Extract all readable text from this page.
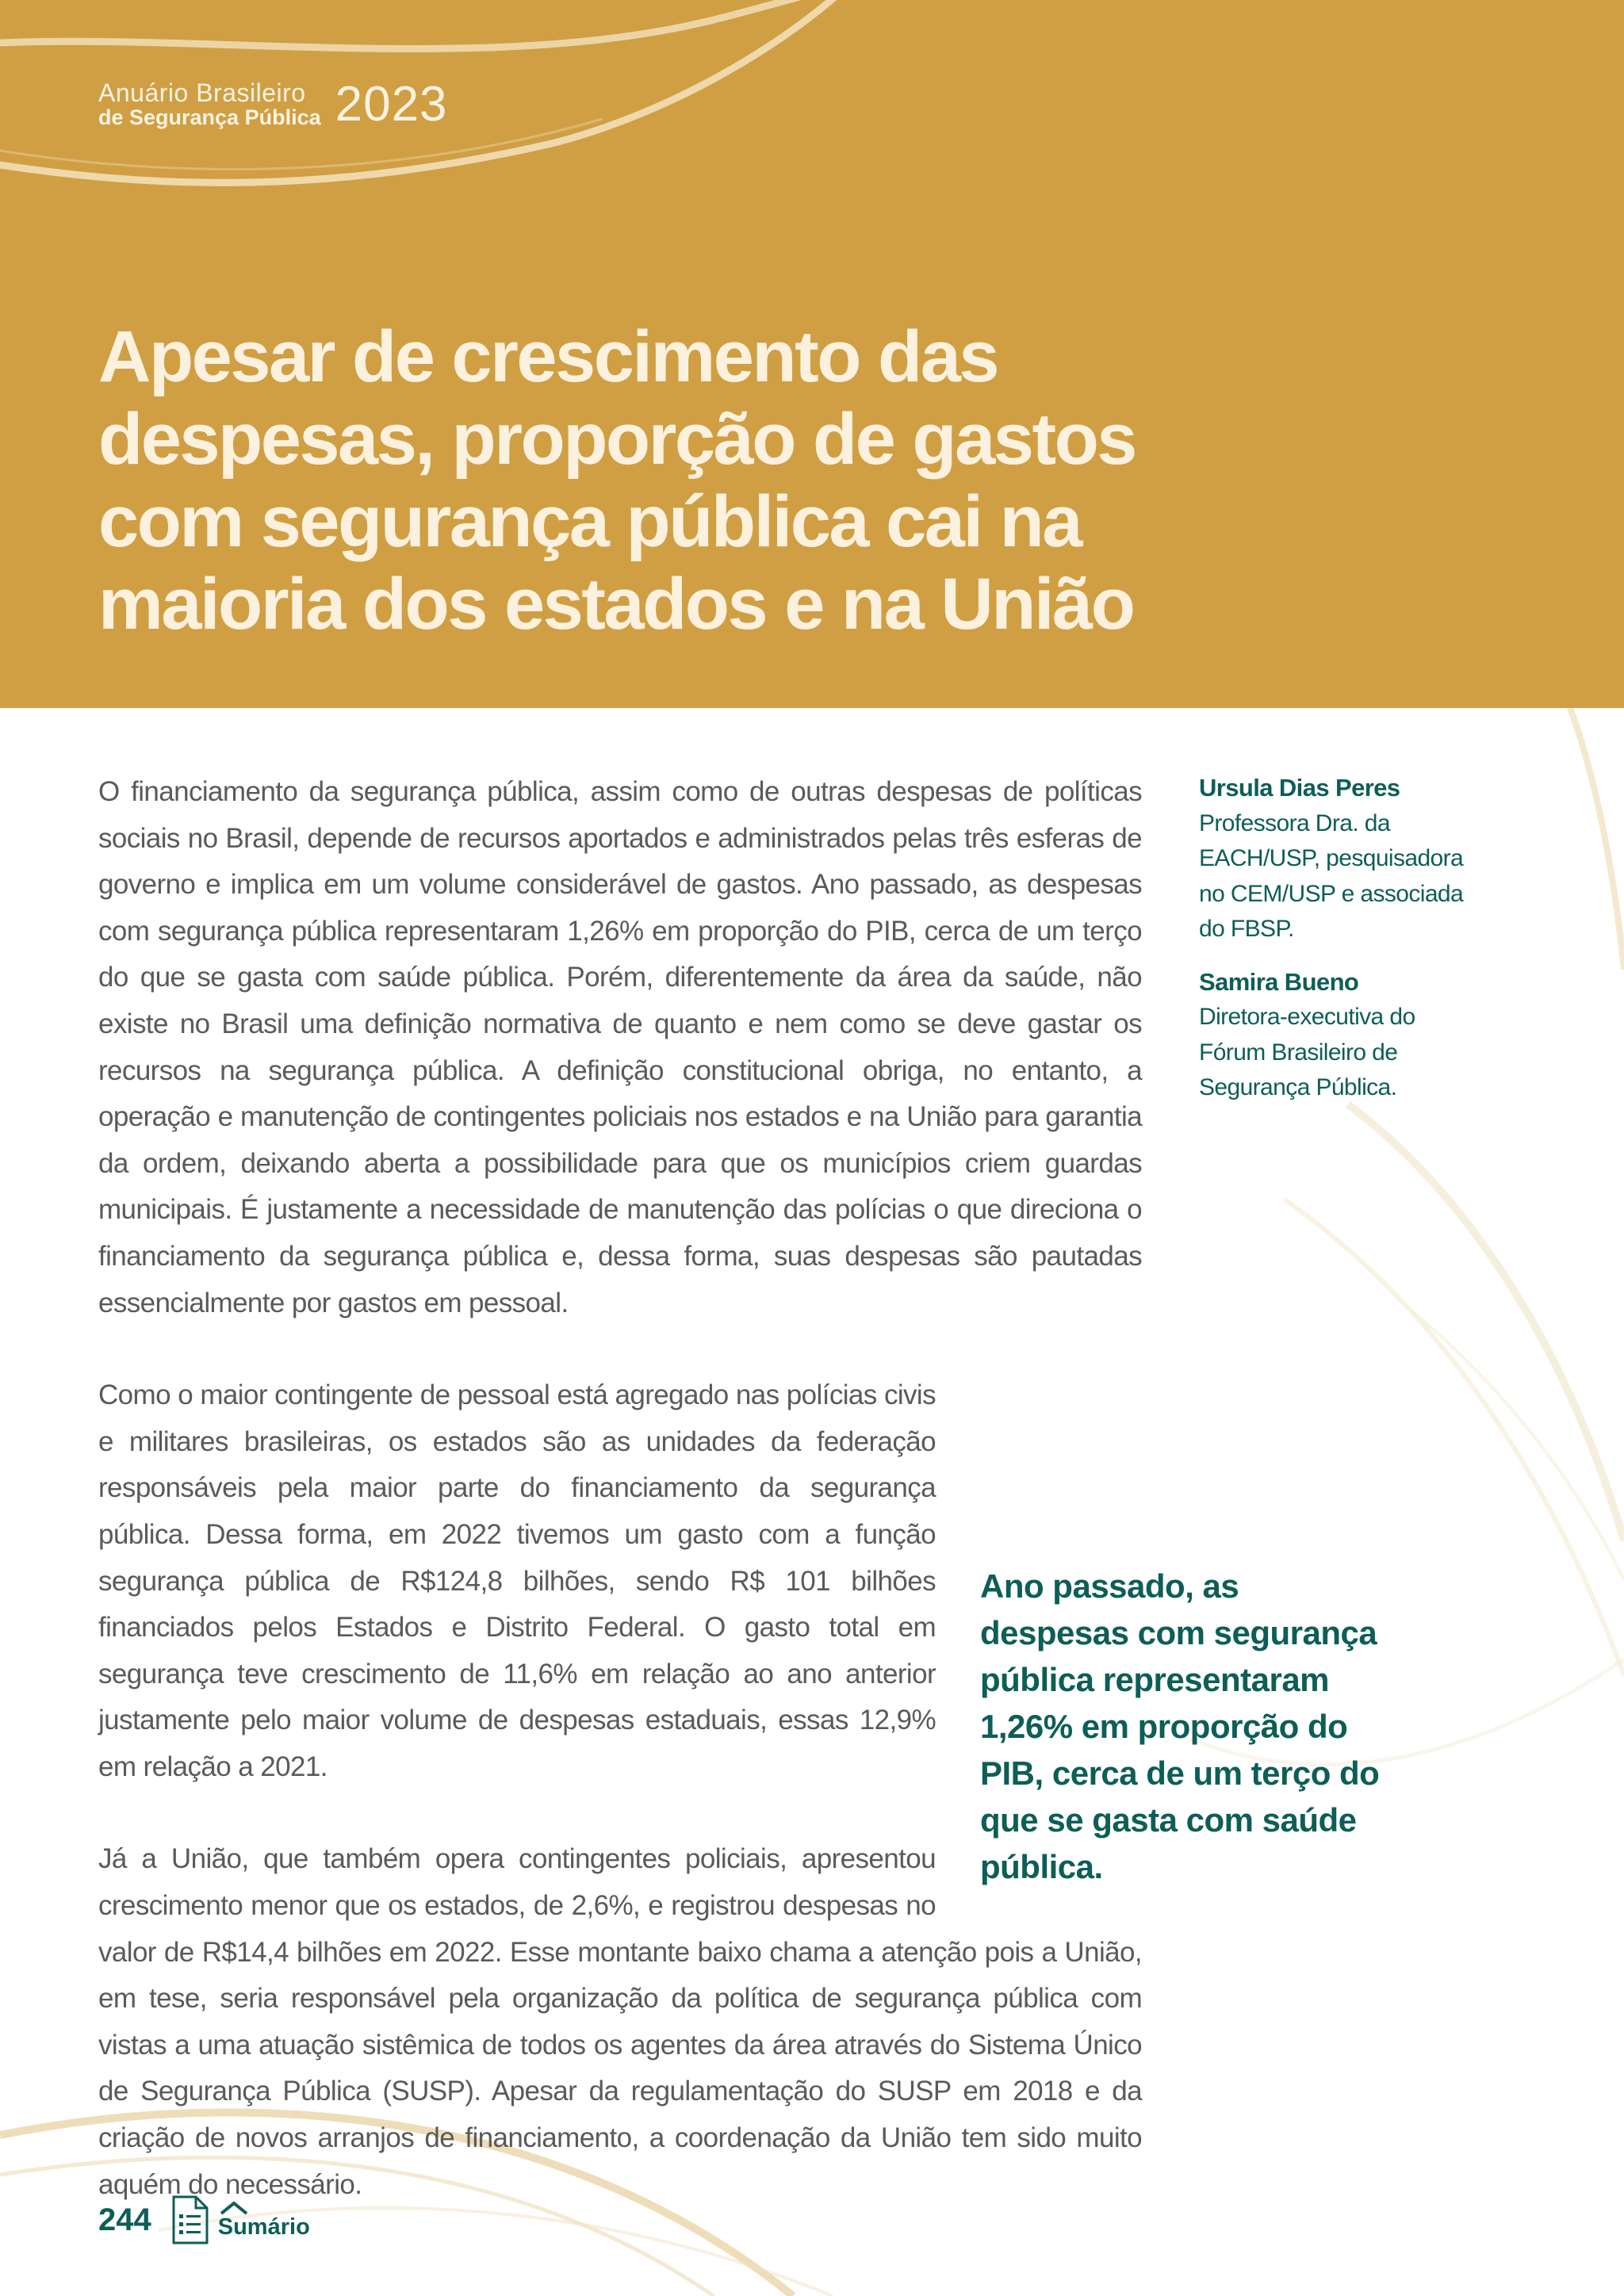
Anuário Brasileiro
de Segurança Pública 2023
Apesar de crescimento das despesas, proporção de gastos com segurança pública cai na maioria dos estados e na União
Ursula Dias Peres
Professora Dra. da EACH/USP, pesquisadora no CEM/USP e associada do FBSP.
Samira Bueno
Diretora-executiva do Fórum Brasileiro de Segurança Pública.

O financiamento da segurança pública, assim como de outras despesas de políticas sociais no Brasil, depende de recursos aportados e administrados pelas três esferas de governo e implica em um volume considerável de gastos. Ano passado, as despesas com segurança pública representaram 1,26% em proporção do PIB, cerca de um terço do que se gasta com saúde pública. Porém, diferentemente da área da saúde, não existe no Brasil uma definição normativa de quanto e nem como se deve gastar os recursos na segurança pública. A definição constitucional obriga, no entanto, a operação e manutenção de contingentes policiais nos estados e na União para garantia da ordem, deixando aberta a possibilidade para que os municípios criem guardas municipais. É justamente a necessidade de manutenção das polícias o que direciona o financiamento da segurança pública e, dessa forma, suas despesas são pautadas essencialmente por gastos em pessoal.

Ano passado, as despesas com segurança pública representaram 1,26% em proporção do PIB, cerca de um terço do que se gasta com saúde pública.

Como o maior contingente de pessoal está agregado nas polícias civis e militares brasileiras, os estados são as unidades da federação responsáveis pela maior parte do financiamento da segurança pública. Dessa forma, em 2022 tivemos um gasto com a função segurança pública de R$124,8 bilhões, sendo R$ 101 bilhões financiados pelos Estados e Distrito Federal. O gasto total em segurança teve crescimento de 11,6% em relação ao ano anterior justamente pelo maior volume de despesas estaduais, essas 12,9% em relação a 2021.

Já a União, que também opera contingentes policiais, apresentou crescimento menor que os estados, de 2,6%, e registrou despesas no valor de R$14,4 bilhões em 2022. Esse montante baixo chama a atenção pois a União, em tese, seria responsável pela organização da política de segurança pública com vistas a uma atuação sistêmica de todos os agentes da área através do Sistema Único de Segurança Pública (SUSP). Apesar da regulamentação do SUSP em 2018 e da criação de novos arranjos de financiamento, a coordenação da União tem sido muito aquém do necessário.

244	Sumário
